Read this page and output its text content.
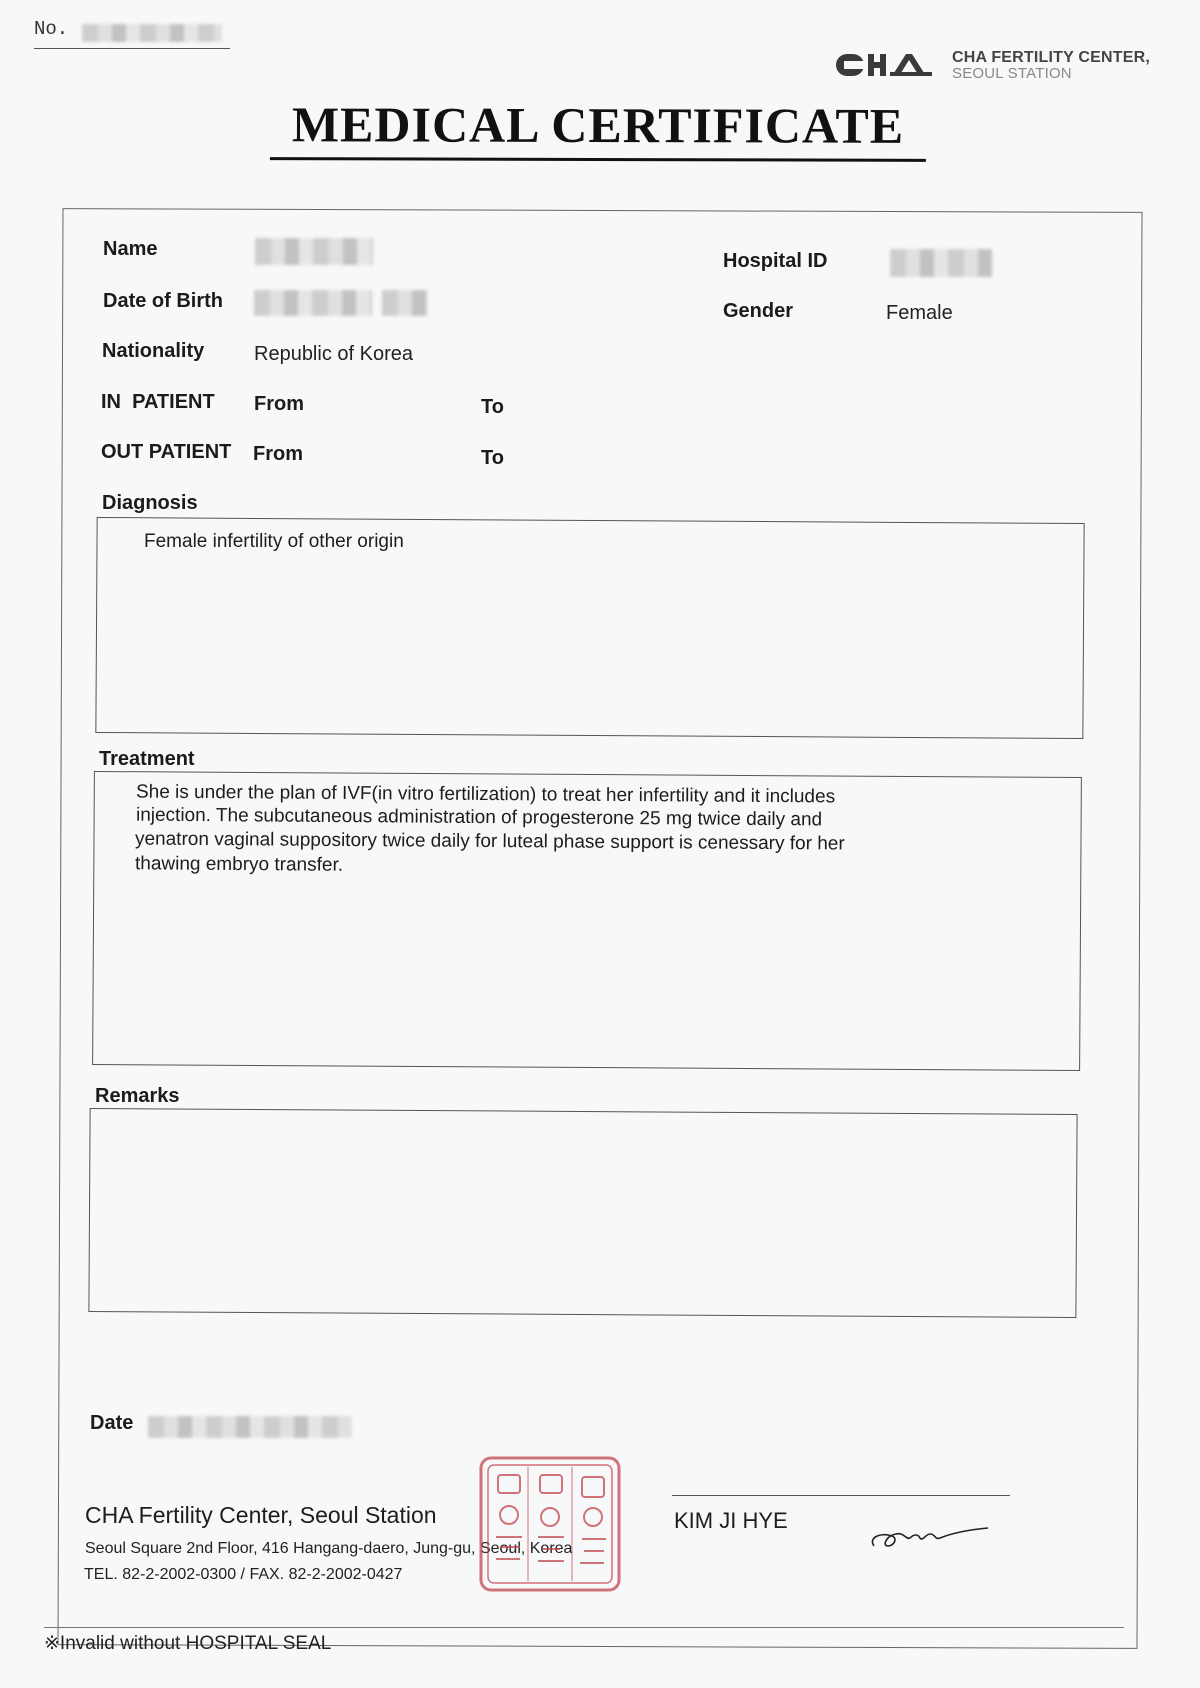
No.
CHA FERTILITY CENTER,
SEOUL STATION
MEDICAL CERTIFICATE
Name
Date of Birth
Nationality Republic of Korea
Hospital ID
Gender	Female
IN  PATIENT From	To
OUT PATIENT From	To
Diagnosis
Female infertility of other origin
Treatment
She is under the plan of IVF(in vitro fertilization) to treat her infertility and it includes
injection. The subcutaneous administration of progesterone 25 mg twice daily and
yenatron vaginal suppository twice daily for luteal phase support is cenessary for her
thawing embryo transfer.
Remarks
Date
CHA Fertility Center, Seoul Station
Seoul Square 2nd Floor, 416 Hangang-daero, Jung-gu, Seoul, Korea
TEL. 82-2-2002-0300 / FAX. 82-2-2002-0427
KIM JI HYE
※Invalid without HOSPITAL SEAL
